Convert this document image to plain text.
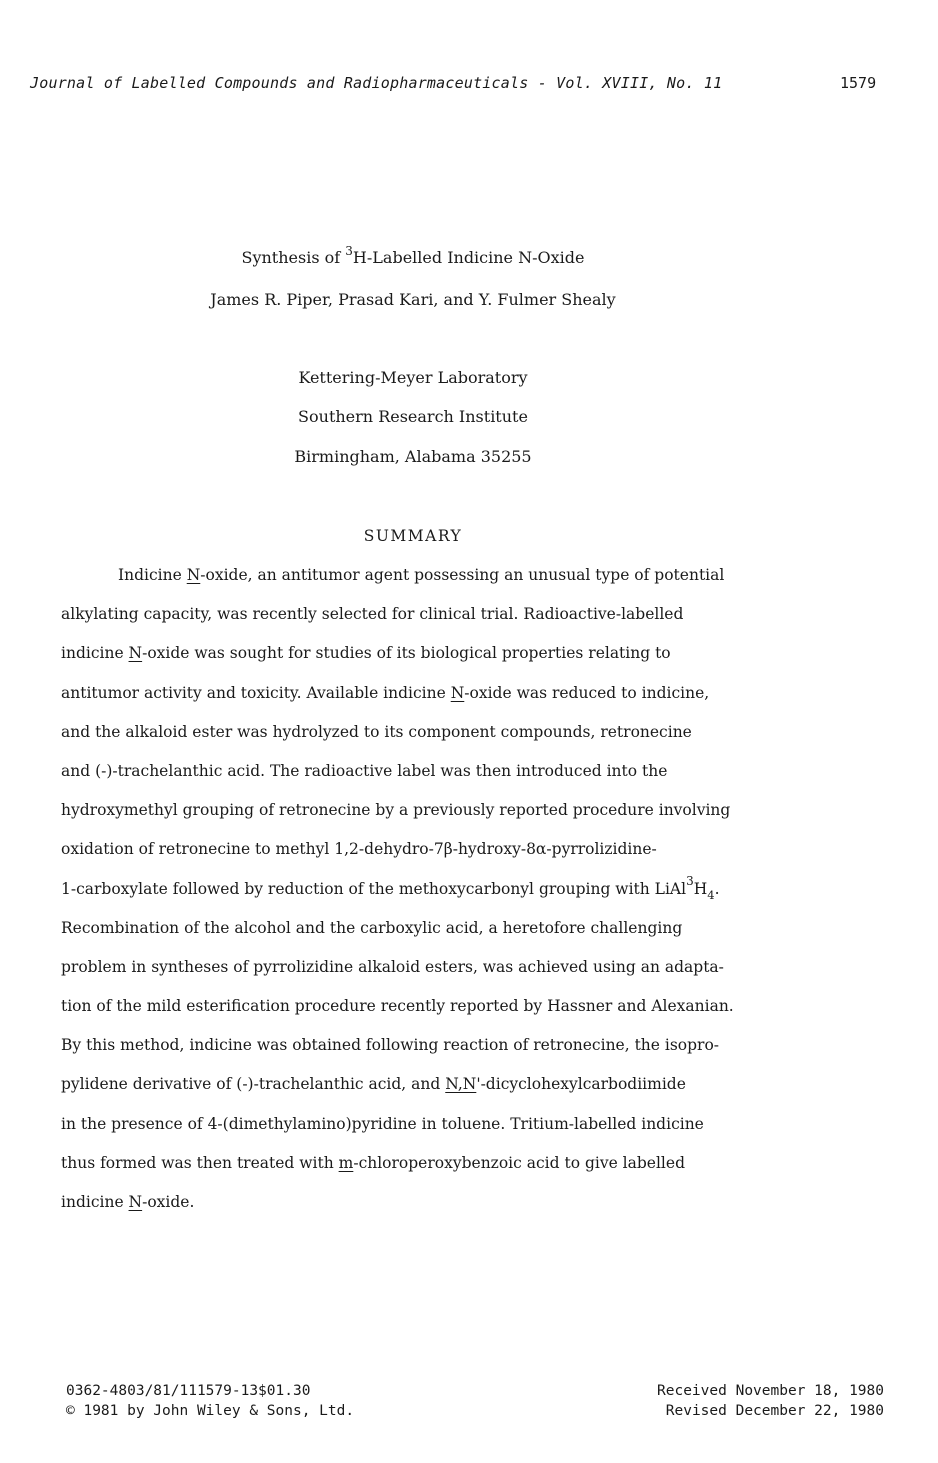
Journal of Labelled Compounds and Radiopharmaceuticals - Vol. XVIII, No. 11	1579
Synthesis of $^3$H-Labelled Indicine N-Oxide
James R. Piper, Prasad Kari, and Y. Fulmer Shealy
Kettering-Meyer Laboratory
Southern Research Institute
Birmingham, Alabama 35255
SUMMARY
Indicine N-oxide, an antitumor agent possessing an unusual type of potential
alkylating capacity, was recently selected for clinical trial. Radioactive-labelled
indicine N-oxide was sought for studies of its biological properties relating to
antitumor activity and toxicity. Available indicine N-oxide was reduced to indicine,
and the alkaloid ester was hydrolyzed to its component compounds, retronecine
and (-)-trachelanthic acid. The radioactive label was then introduced into the
hydroxymethyl grouping of retronecine by a previously reported procedure involving
oxidation of retronecine to methyl 1,2-dehydro-7β-hydroxy-8α-pyrrolizidine-
1-carboxylate followed by reduction of the methoxycarbonyl grouping with $LiAl^3H_4$.
Recombination of the alcohol and the carboxylic acid, a heretofore challenging
problem in syntheses of pyrrolizidine alkaloid esters, was achieved using an adapta-
tion of the mild esterification procedure recently reported by Hassner and Alexanian.
By this method, indicine was obtained following reaction of retronecine, the isopro-
pylidene derivative of (-)-trachelanthic acid, and N,N'-dicyclohexylcarbodiimide
in the presence of 4-(dimethylamino)pyridine in toluene. Tritium-labelled indicine
thus formed was then treated with m-chloroperoxybenzoic acid to give labelled
indicine N-oxide.
0362-4803/81/111579-13$01.30
© 1981 by John Wiley & Sons, Ltd.
Received November 18, 1980
Revised December 22, 1980
